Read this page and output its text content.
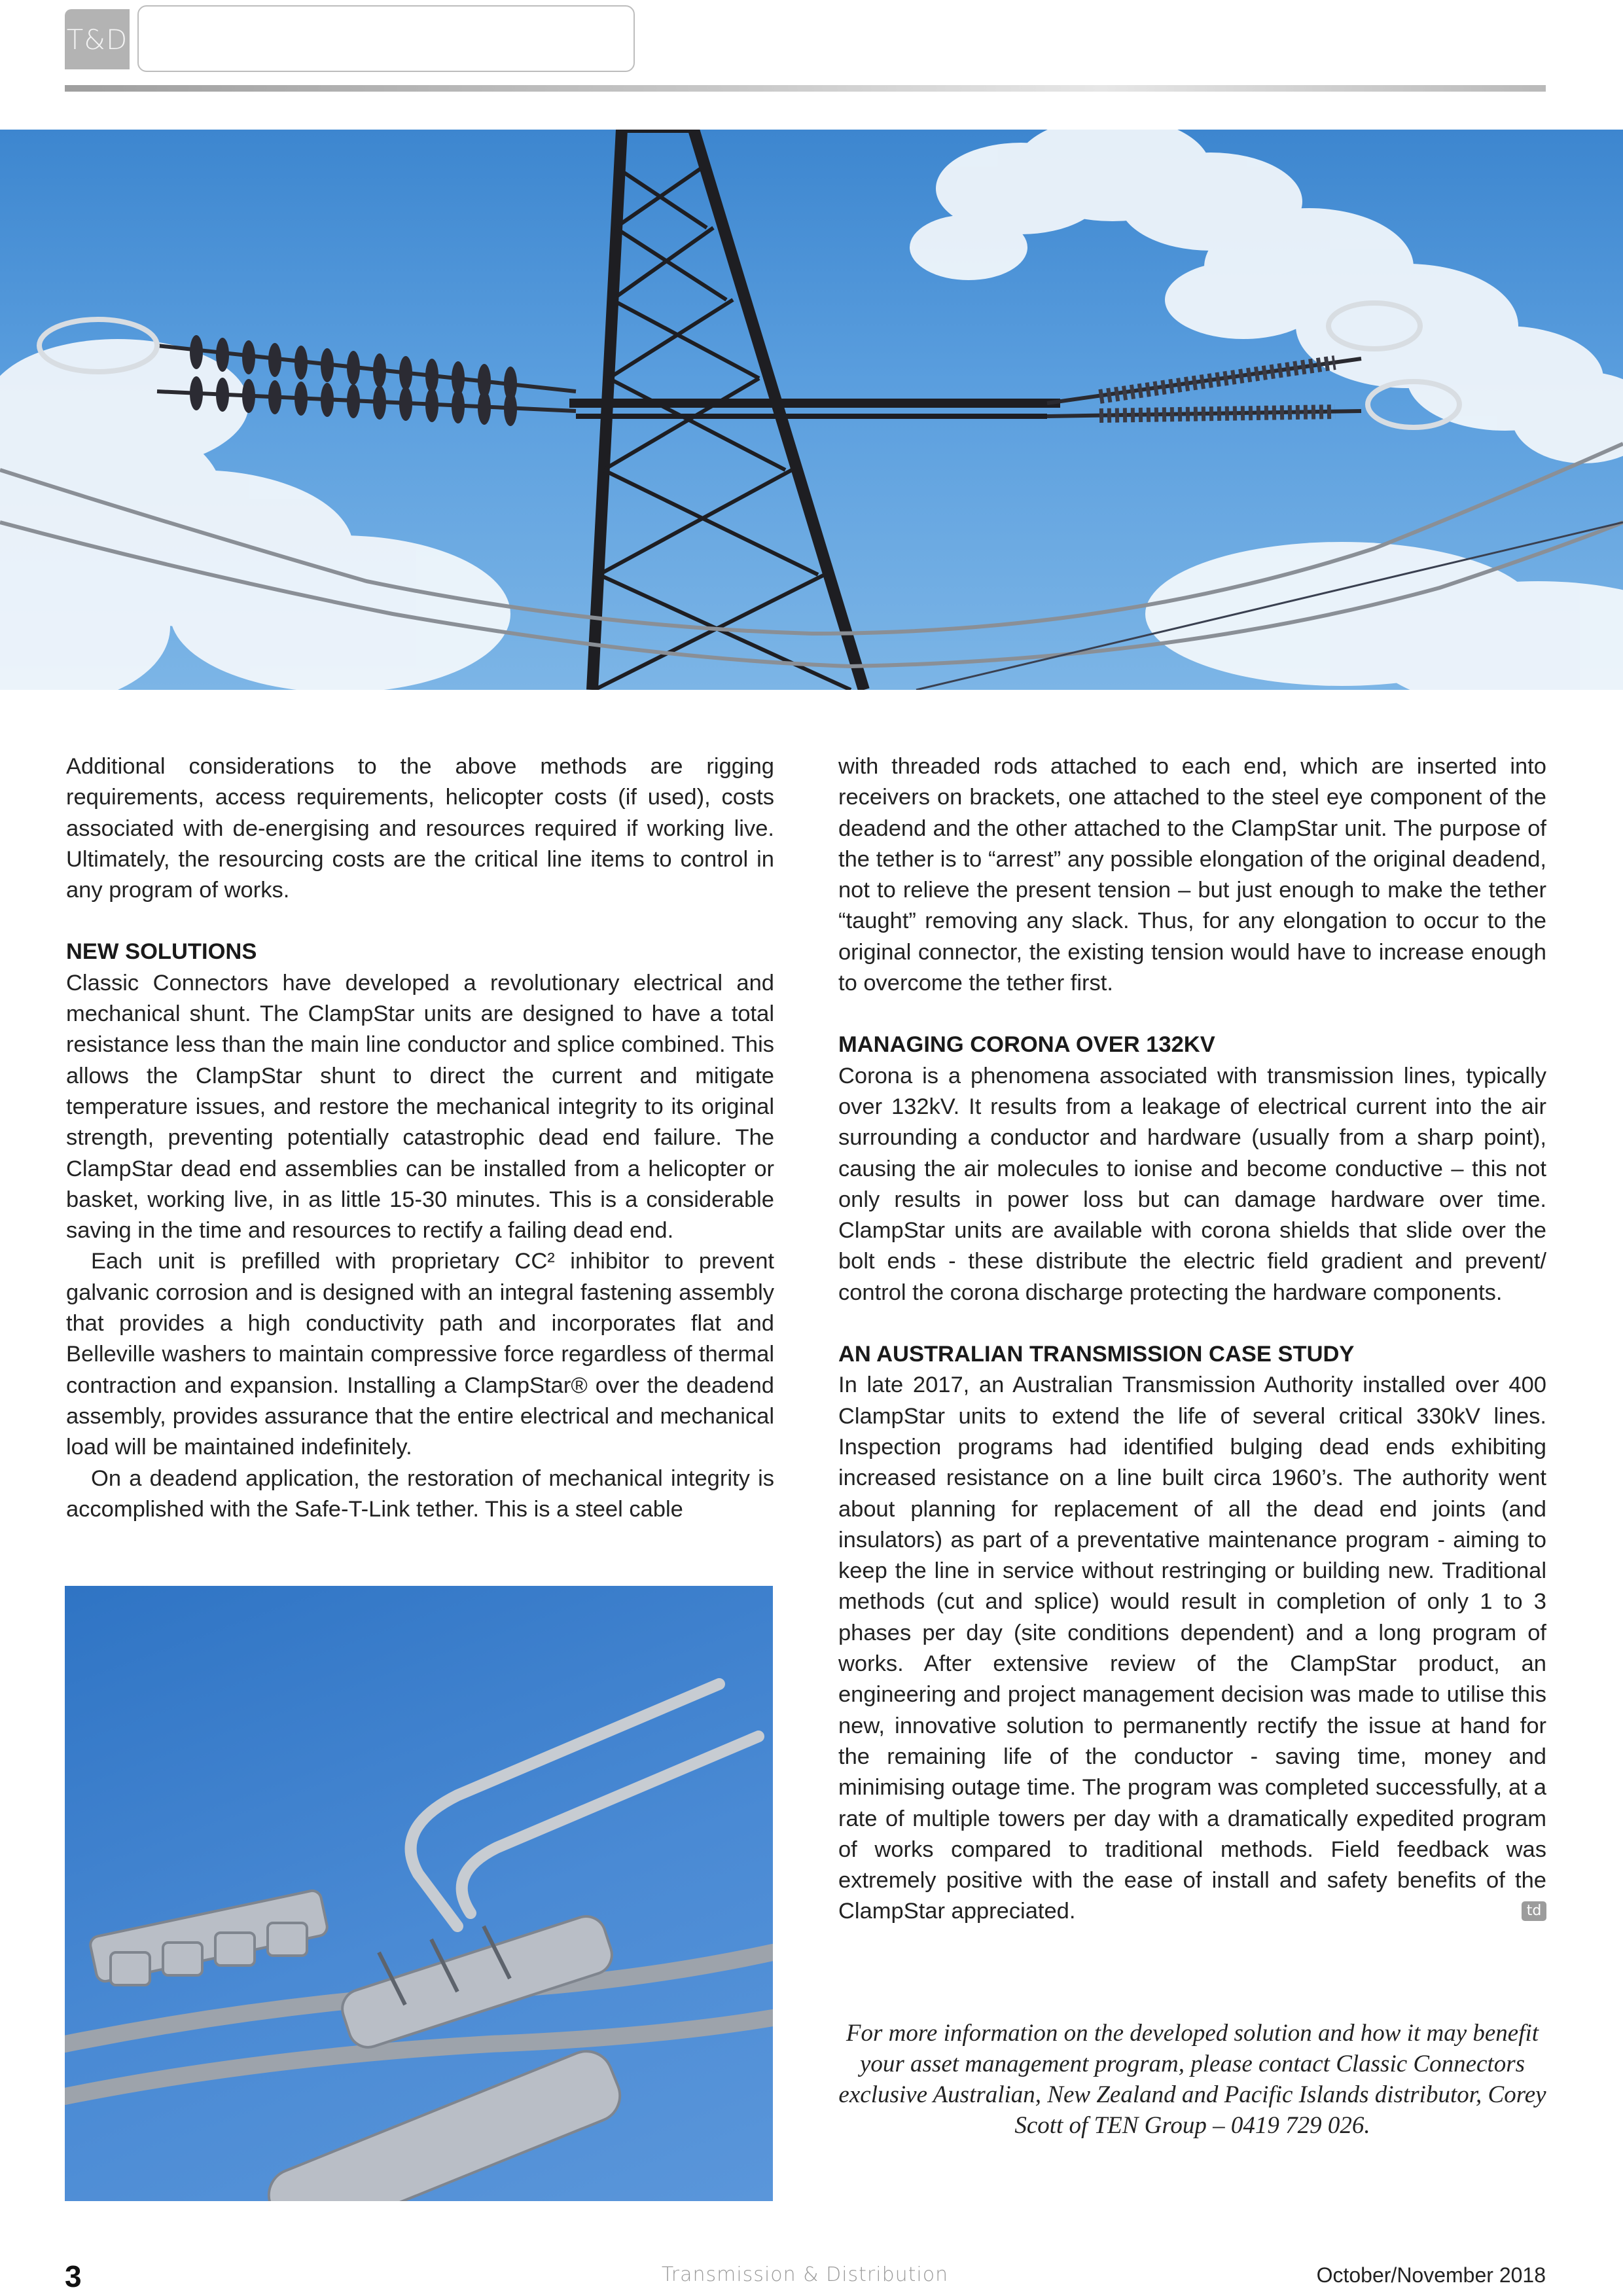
T&D

Additional considerations to the above methods are rigging requirements, access requirements, helicopter costs (if used), costs associated with de-energising and resources required if working live. Ultimately, the resourcing costs are the critical line items to control in any program of works.

NEW SOLUTIONS

Classic Connectors have developed a revolutionary electrical and mechanical shunt. The ClampStar units are designed to have a total resistance less than the main line conductor and splice combined. This allows the ClampStar shunt to direct the current and mitigate temperature issues, and restore the mechanical integrity to its original strength, preventing potentially catastrophic dead end failure. The ClampStar dead end assemblies can be installed from a helicopter or basket, working live, in as little 15-30 minutes. This is a considerable saving in the time and resources to rectify a failing dead end.

Each unit is prefilled with proprietary CC² inhibitor to prevent galvanic corrosion and is designed with an integral fastening assembly that provides a high conductivity path and incorporates flat and Belleville washers to maintain compressive force regardless of thermal contraction and expansion. Installing a ClampStar® over the deadend assembly, provides assurance that the entire electrical and mechanical load will be maintained indefinitely.

On a deadend application, the restoration of mechanical integrity is accomplished with the Safe-T-Link tether. This is a steel cable

with threaded rods attached to each end, which are inserted into receivers on brackets, one attached to the steel eye component of the deadend and the other attached to the ClampStar unit. The purpose of the tether is to “arrest” any possible elongation of the original deadend, not to relieve the present tension – but just enough to make the tether “taught” removing any slack. Thus, for any elongation to occur to the original connector, the existing tension would have to increase enough to overcome the tether first.

MANAGING CORONA OVER 132KV

Corona is a phenomena associated with transmission lines, typically over 132kV. It results from a leakage of electrical current into the air surrounding a conductor and hardware (usually from a sharp point), causing the air molecules to ionise and become conductive – this not only results in power loss but can damage hardware over time. ClampStar units are available with corona shields that slide over the bolt ends - these distribute the electric field gradient and prevent/ control the corona discharge protecting the hardware components.

AN AUSTRALIAN TRANSMISSION CASE STUDY

In late 2017, an Australian Transmission Authority installed over 400 ClampStar units to extend the life of several critical 330kV lines. Inspection programs had identified bulging dead ends exhibiting increased resistance on a line built circa 1960’s. The authority went about planning for replacement of all the dead end joints (and insulators) as part of a preventative maintenance program - aiming to keep the line in service without restringing or building new. Traditional methods (cut and splice) would result in completion of only 1 to 3 phases per day (site conditions dependent) and a long program of works. After extensive review of the ClampStar product, an engineering and project management decision was made to utilise this new, innovative solution to permanently rectify the issue at hand for the remaining life of the conductor - saving time, money and minimising outage time. The program was completed successfully, at a rate of multiple towers per day with a dramatically expedited program of works compared to traditional methods. Field feedback was extremely positive with the ease of install and safety benefits of the ClampStar appreciated.	td

For more information on the developed solution and how it may benefit your asset management program, please contact Classic Connectors exclusive Australian, New Zealand and Pacific Islands distributor, Corey Scott of TEN Group – 0419 729 026.
3	Transmission & Distribution	October/November 2018
